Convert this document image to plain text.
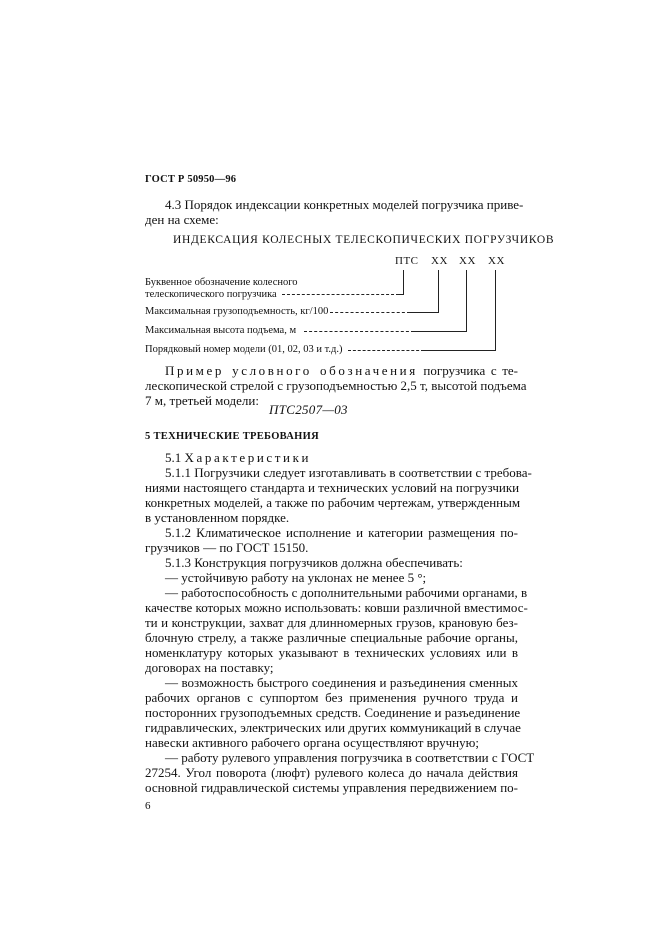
ГОСТ Р 50950—96
4.3 Порядок индексации конкретных моделей погрузчика приве-
ден на схеме:
ИНДЕКСАЦИЯ КОЛЕСНЫХ ТЕЛЕСКОПИЧЕСКИХ ПОГРУЗЧИКОВ
ПТС XX XX XX
Буквенное обозначение колесного
телескопического погрузчика
Максимальная грузоподъемность, кг/100
Максимальная высота подъема, м
Порядковый номер модели (01, 02, 03 и т.д.)
Пример условного обозначения погрузчика с те-
лескопической стрелой с грузоподъемностью 2,5 т, высотой подъема
7 м, третьей модели:
ПТС2507—03
5 ТЕХНИЧЕСКИЕ ТРЕБОВАНИЯ
5.1 Характеристики
5.1.1 Погрузчики следует изготавливать в соответствии с требова-
ниями настоящего стандарта и технических условий на погрузчики
конкретных моделей, а также по рабочим чертежам, утвержденным
в установленном порядке.
5.1.2 Климатическое исполнение и категории размещения по-
грузчиков — по ГОСТ 15150.
5.1.3 Конструкция погрузчиков должна обеспечивать:
— устойчивую работу на уклонах не менее 5 °;
— работоспособность с дополнительными рабочими органами, в
качестве которых можно использовать: ковши различной вместимос-
ти и конструкции, захват для длинномерных грузов, крановую без-
блочную стрелу, а также различные специальные рабочие органы,
номенклатуру которых указывают в технических условиях или в
договорах на поставку;
— возможность быстрого соединения и разъединения сменных
рабочих органов с суппортом без применения ручного труда и
посторонних грузоподъемных средств. Соединение и разъединение
гидравлических, электрических или других коммуникаций в случае
навески активного рабочего органа осуществляют вручную;
— работу рулевого управления погрузчика в соответствии с ГОСТ
27254. Угол поворота (люфт) рулевого колеса до начала действия
основной гидравлической системы управления передвижением по-
6
